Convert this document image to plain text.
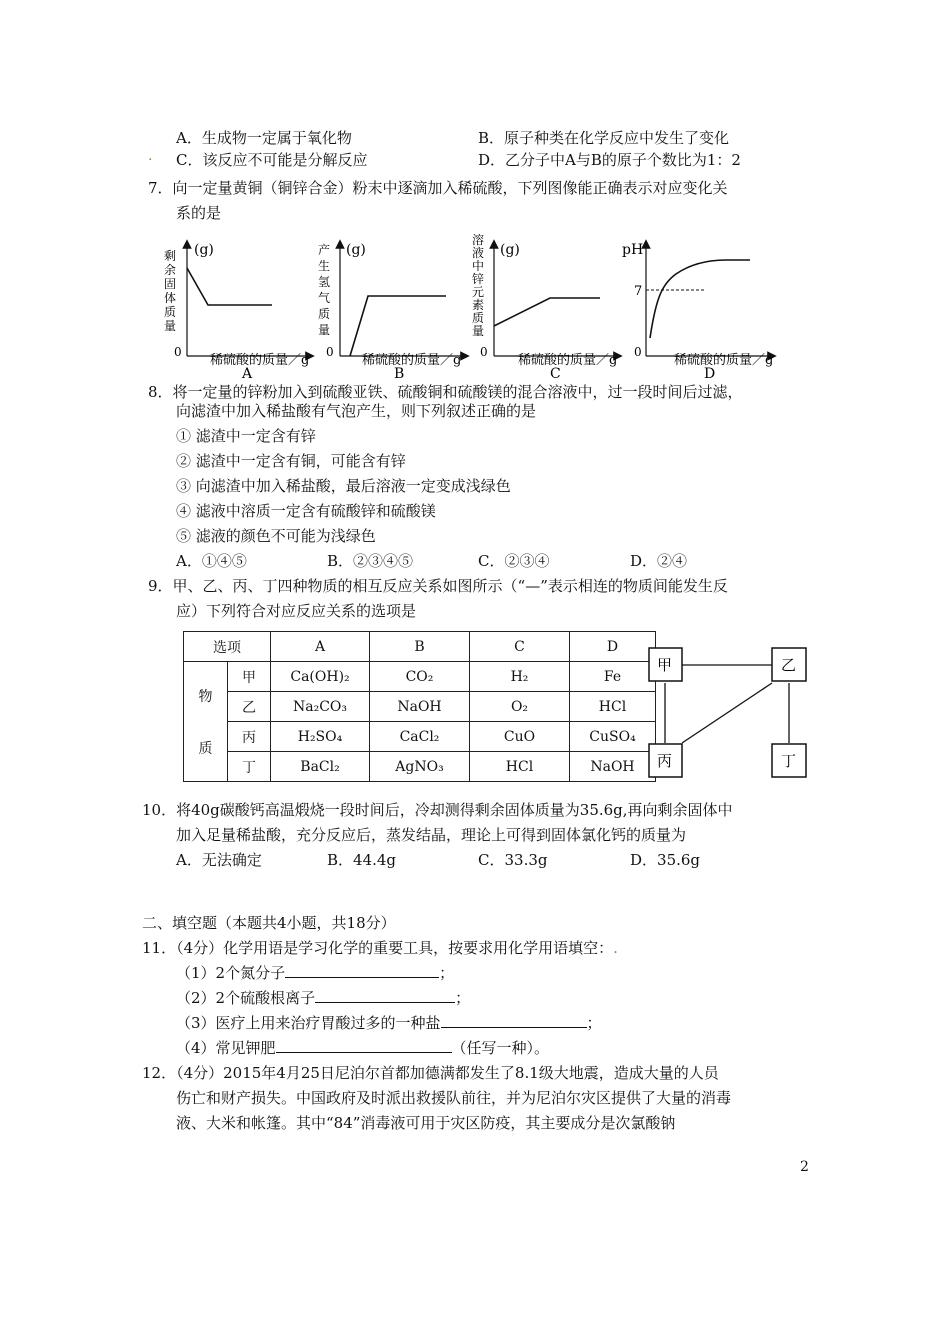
A．生成物一定属于氧化物	B．原子种类在化学反应中发生了变化
. C．该反应不可能是分解反应	D．乙分子中A与B的原子个数比为1：2
7．向一定量黄铜（铜锌合金）粉末中逐滴加入稀硫酸，下列图像能正确表示对应变化关
系的是
剩
余
固
体
质
量
(g)
0
稀硫酸的质量／g
A
产
生
氢
气
质
量
(g)
0
稀硫酸的质量／g
B
溶
液
中
锌
元
素
质
量
(g)
0
稀硫酸的质量／g
C
pH
7
0
稀硫酸的质量／g
D
8．将一定量的锌粉加入到硫酸亚铁、硫酸铜和硫酸镁的混合溶液中，过一段时间后过滤，
向滤渣中加入稀盐酸有气泡产生，则下列叙述正确的是
① 滤渣中一定含有锌
② 滤渣中一定含有铜，可能含有锌
③ 向滤渣中加入稀盐酸，最后溶液一定变成浅绿色
④ 滤液中溶质一定含有硫酸锌和硫酸镁
⑤ 滤液的颜色不可能为浅绿色
A．①④⑤	B．②③④⑤	C．②③④	D．②④
9．甲、乙、丙、丁四种物质的相互反应关系如图所示（“—”表示相连的物质间能发生反
应）下列符合对应反应关系的选项是
选项		A	B	C	D
物

质	甲	Ca(OH)₂	CO₂	H₂	Fe
	乙	Na₂CO₃	NaOH	O₂	HCl
	丙	H₂SO₄	CaCl₂	CuO	CuSO₄
	丁	BaCl₂	AgNO₃	HCl	NaOH
甲	乙
丙	丁
10．将40g碳酸钙高温煅烧一段时间后，冷却测得剩余固体质量为35.6g,再向剩余固体中
加入足量稀盐酸，充分反应后，蒸发结晶，理论上可得到固体氯化钙的质量为
A．无法确定	B．44.4g	C．33.3g	D．35.6g
二、填空题（本题共4小题，共18分）
11．（4分）化学用语是学习化学的重要工具，按要求用化学用语填空：.
（1）2个氮分子	；
（2）2个硫酸根离子	；
（3）医疗上用来治疗胃酸过多的一种盐	；
（4）常见钾肥	（任写一种）。
12．（4分）2015年4月25日尼泊尔首都加德满都发生了8.1级大地震，造成大量的人员
伤亡和财产损失。中国政府及时派出救援队前往，并为尼泊尔灾区提供了大量的消毒
液、大米和帐篷。其中“84”消毒液可用于灾区防疫，其主要成分是次氯酸钠
2
